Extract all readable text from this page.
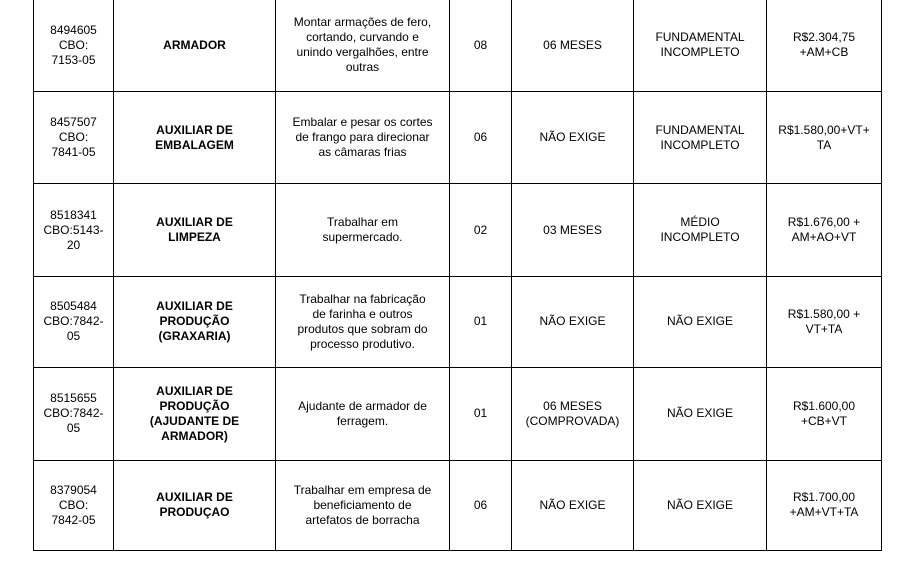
8494605
CBO:
7153-05	ARMADOR	Montar armações de fero,
cortando, curvando e
unindo vergalhões, entre
outras	08	06 MESES	FUNDAMENTAL
INCOMPLETO	R$2.304,75
+AM+CB

8457507
CBO:
7841-05	AUXILIAR DE
EMBALAGEM	Embalar e pesar os cortes
de frango para direcionar
as câmaras frias	06	NÃO EXIGE	FUNDAMENTAL
INCOMPLETO	R$1.580,00+VT+
TA

8518341
CBO:5143-
20	AUXILIAR DE
LIMPEZA	Trabalhar em
supermercado.	02	03 MESES	MÉDIO
INCOMPLETO	R$1.676,00 +
AM+AO+VT

8505484
CBO:7842-
05	AUXILIAR DE
PRODUÇÃO
(GRAXARIA)	Trabalhar na fabricação
de farinha e outros
produtos que sobram do
processo produtivo.	01	NÃO EXIGE	NÃO EXIGE	R$1.580,00 +
VT+TA

8515655
CBO:7842-
05	AUXILIAR DE
PRODUÇÃO
(AJUDANTE DE
ARMADOR)	Ajudante de armador de
ferragem.	01	06 MESES
(COMPROVADA)	NÃO EXIGE	R$1.600,00
+CB+VT

8379054
CBO:
7842-05	AUXILIAR DE
PRODUÇAO	Trabalhar em empresa de
beneficiamento de
artefatos de borracha	06	NÃO EXIGE	NÃO EXIGE	R$1.700,00
+AM+VT+TA
